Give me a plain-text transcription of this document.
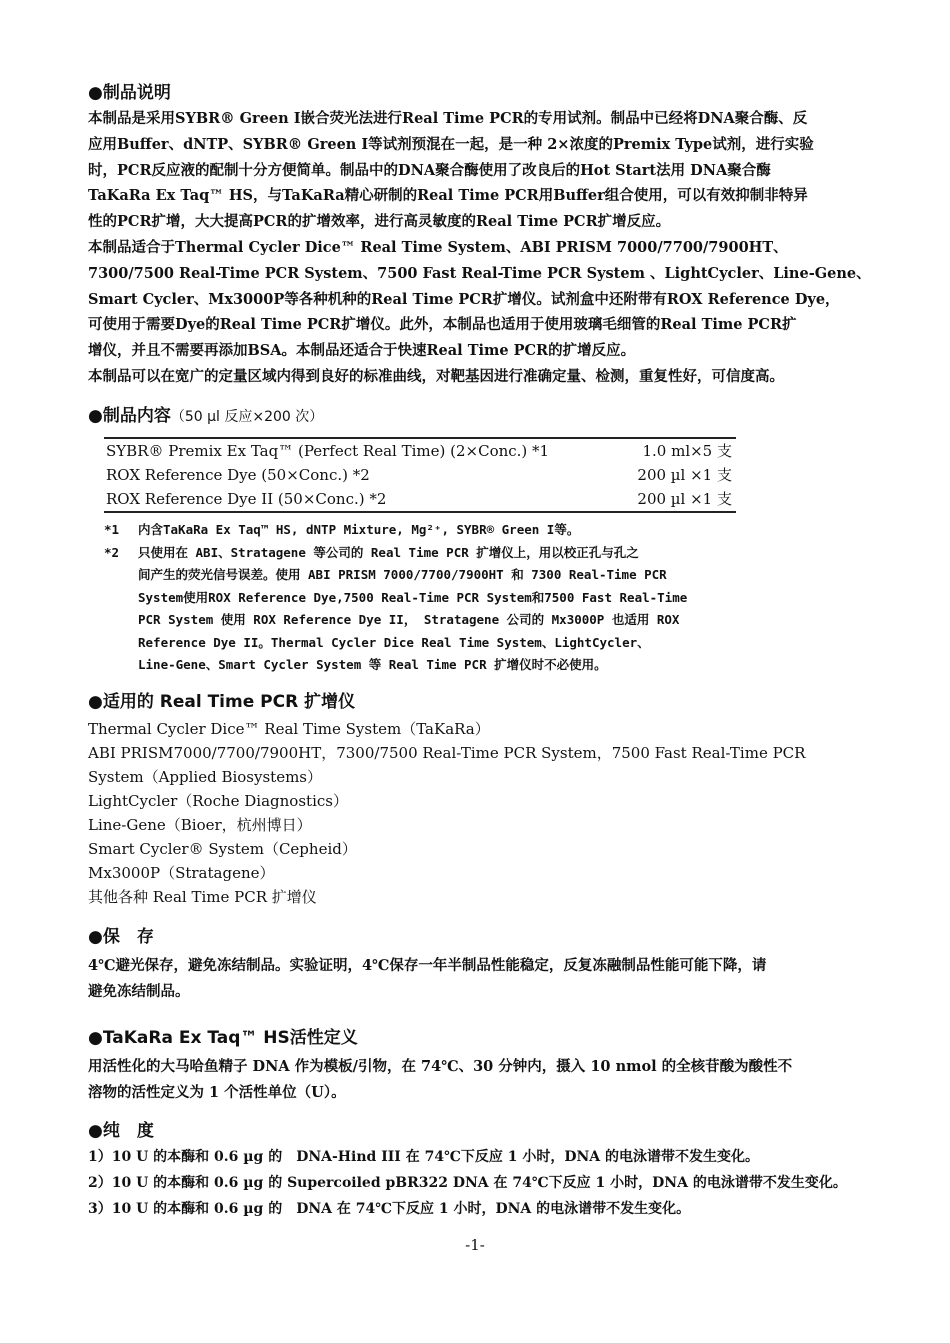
●制品说明
本制品是采用SYBR® Green I嵌合荧光法进行Real Time PCR的专用试剂。制品中已经将DNA聚合酶、反
应用Buffer、dNTP、SYBR® Green I等试剂预混在一起，是一种 2×浓度的Premix Type试剂，进行实验
时，PCR反应液的配制十分方便简单。制品中的DNA聚合酶使用了改良后的Hot Start法用 DNA聚合酶
TaKaRa Ex Taq™ HS，与TaKaRa精心研制的Real Time PCR用Buffer组合使用，可以有效抑制非特异
性的PCR扩增，大大提高PCR的扩增效率，进行高灵敏度的Real Time PCR扩增反应。
本制品适合于Thermal Cycler Dice™ Real Time System、ABI PRISM 7000/7700/7900HT、
7300/7500 Real-Time PCR System、7500 Fast Real-Time PCR System 、LightCycler、Line-Gene、
Smart Cycler、Mx3000P等各种机种的Real Time PCR扩增仪。试剂盒中还附带有ROX Reference Dye，
可使用于需要Dye的Real Time PCR扩增仪。此外，本制品也适用于使用玻璃毛细管的Real Time PCR扩
增仪，并且不需要再添加BSA。本制品还适合于快速Real Time PCR的扩增反应。
本制品可以在宽广的定量区域内得到良好的标准曲线，对靶基因进行准确定量、检测，重复性好，可信度高。
●制品内容（50 µl 反应×200 次）
SYBR® Premix Ex Taq™ (Perfect Real Time) (2×Conc.) *1	1.0 ml×5 支
ROX Reference Dye (50×Conc.) *2	200 µl ×1 支
ROX Reference Dye II (50×Conc.) *2	200 µl ×1 支
*1 内含TaKaRa Ex Taq™ HS, dNTP Mixture, Mg²⁺, SYBR® Green I等。
*2 只使用在 ABI、Stratagene 等公司的 Real Time PCR 扩增仪上，用以校正孔与孔之
间产生的荧光信号误差。使用 ABI PRISM 7000/7700/7900HT 和 7300 Real-Time PCR
System使用ROX Reference Dye,7500 Real-Time PCR System和7500 Fast Real-Time
PCR System 使用 ROX Reference Dye II， Stratagene 公司的 Mx3000P 也适用 ROX
Reference Dye II。Thermal Cycler Dice Real Time System、LightCycler、
Line-Gene、Smart Cycler System 等 Real Time PCR 扩增仪时不必使用。
●适用的 Real Time PCR 扩增仪
Thermal Cycler Dice™ Real Time System（TaKaRa）
ABI PRISM7000/7700/7900HT，7300/7500 Real-Time PCR System，7500 Fast Real-Time PCR
System（Applied Biosystems）
LightCycler（Roche Diagnostics）
Line-Gene（Bioer，杭州博日）
Smart Cycler® System（Cepheid）
Mx3000P（Stratagene）
其他各种 Real Time PCR 扩增仪
●保　存
4℃避光保存，避免冻结制品。实验证明，4℃保存一年半制品性能稳定，反复冻融制品性能可能下降，请
避免冻结制品。
●TaKaRa Ex Taq™ HS活性定义
用活性化的大马哈鱼精子 DNA 作为模板/引物，在 74℃、30 分钟内，摄入 10 nmol 的全核苷酸为酸性不
溶物的活性定义为 1 个活性单位（U）。
●纯　度
1）10 U 的本酶和 0.6 µg 的　DNA-Hind III 在 74℃下反应 1 小时，DNA 的电泳谱带不发生变化。
2）10 U 的本酶和 0.6 µg 的 Supercoiled pBR322 DNA 在 74℃下反应 1 小时，DNA 的电泳谱带不发生变化。
3）10 U 的本酶和 0.6 µg 的　DNA 在 74℃下反应 1 小时，DNA 的电泳谱带不发生变化。
-1-
